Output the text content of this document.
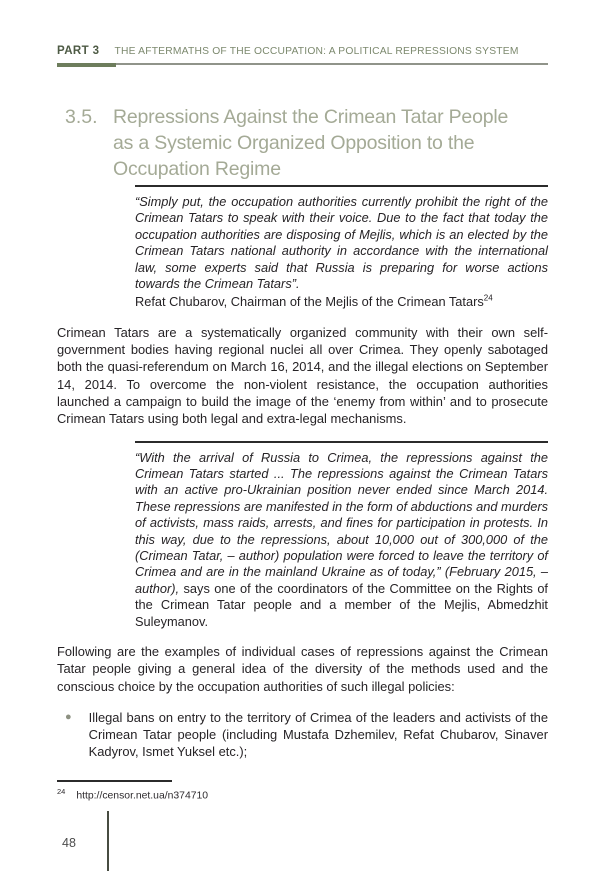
PART 3 THE AFTERMATHS OF THE OCCUPATION: A POLITICAL REPRESSIONS SYSTEM
3.5. Repressions Against the Crimean Tatar People as a Systemic Organized Opposition to the Occupation Regime
“Simply put, the occupation authorities currently prohibit the right of the Crimean Tatars to speak with their voice. Due to the fact that today the occupation authorities are disposing of Mejlis, which is an elected by the Crimean Tatars national authority in accordance with the international law, some experts said that Russia is preparing for worse actions towards the Crimean Tatars”.
Refat Chubarov, Chairman of the Mejlis of the Crimean Tatars$^{24}$

Crimean Tatars are a systematically organized community with their own self-government bodies having regional nuclei all over Crimea. They openly sabotaged both the quasi-referendum on March 16, 2014, and the illegal elections on September 14, 2014. To overcome the non-violent resistance, the occupation authorities launched a campaign to build the image of the ‘enemy from within’ and to prosecute Crimean Tatars using both legal and extra-legal mechanisms.

“With the arrival of Russia to Crimea, the repressions against the Crimean Tatars started ... The repressions against the Crimean Tatars with an active pro-Ukrainian position never ended since March 2014. These repressions are manifested in the form of abductions and murders of activists, mass raids, arrests, and fines for participation in protests. In this way, due to the repressions, about 10,000 out of 300,000 of the (Crimean Tatar, – author) population were forced to leave the territory of Crimea and are in the mainland Ukraine as of today,” (February 2015, – author), says one of the coordinators of the Committee on the Rights of the Crimean Tatar people and a member of the Mejlis, Abmedzhit Suleymanov.

Following are the examples of individual cases of repressions against the Crimean Tatar people giving a general idea of the diversity of the methods used and the conscious choice by the occupation authorities of such illegal policies:

● Illegal bans on entry to the territory of Crimea of the leaders and activists of the Crimean Tatar people (including Mustafa Dzhemilev, Refat Chubarov, Sinaver Kadyrov, Ismet Yuksel etc.);
$^{24}$ http://censor.net.ua/n374710
48
